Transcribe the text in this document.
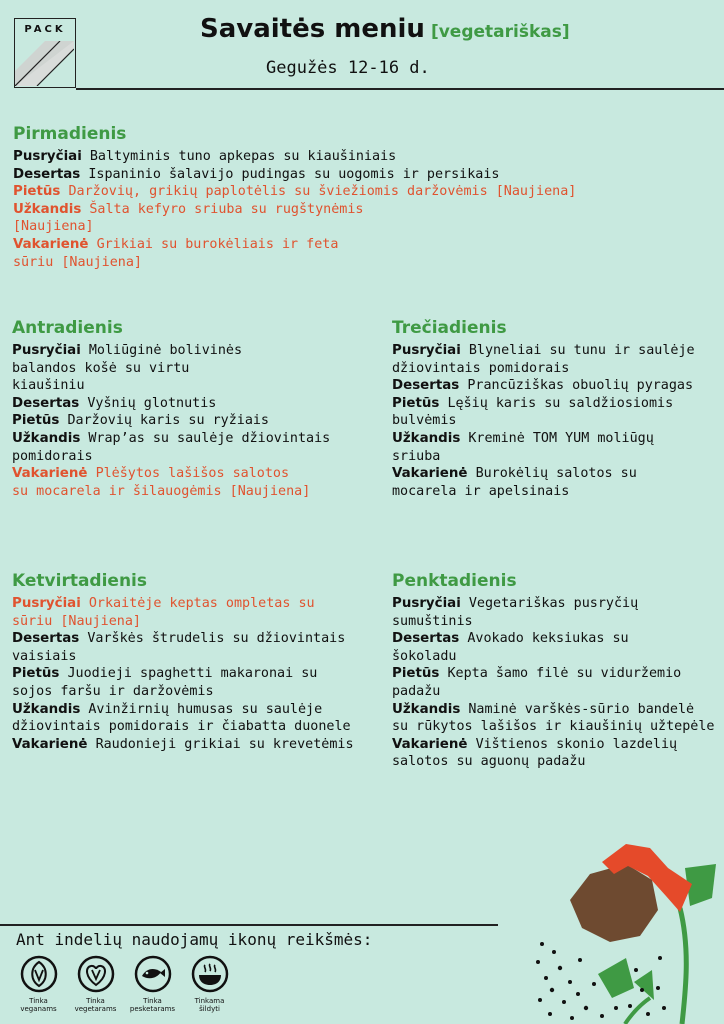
PACK	Savaitės meniu [vegetariškas]
Gegužės 12-16 d.
Pirmadienis
Pusryčiai Baltyminis tuno apkepas su kiaušiniais
Desertas Ispaninio šalavijo pudingas su uogomis ir persikais
Pietūs Daržovių, grikių paplotėlis su šviežiomis daržovėmis [Naujiena]
Užkandis Šalta kefyro sriuba su rugštynėmis [Naujiena]
Vakarienė Grikiai su burokėliais ir feta sūriu [Naujiena]
Antradienis
Pusryčiai Moliūginė bolivinės balandos košė su virtu kiaušiniu
Desertas Vyšnių glotnutis
Pietūs Daržovių karis su ryžiais
Užkandis Wrap’as su saulėje džiovintais pomidorais
Vakarienė Plėšytos lašišos salotos su mocarela ir šilauogėmis [Naujiena]
Trečiadienis
Pusryčiai Blyneliai su tunu ir saulėje džiovintais pomidorais
Desertas Prancūziškas obuolių pyragas
Pietūs Lęšių karis su saldžiosiomis bulvėmis
Užkandis Kreminė TOM YUM moliūgų sriuba
Vakarienė Burokėlių salotos su mocarela ir apelsinais
Ketvirtadienis
Pusryčiai Orkaitėje keptas ompletas su sūriu [Naujiena]
Desertas Varškės štrudelis su džiovintais vaisiais
Pietūs Juodieji spaghetti makaronai su sojos faršu ir daržovėmis
Užkandis Avinžirnių humusas su saulėje džiovintais pomidorais ir čiabatta duonele
Vakarienė Raudonieji grikiai su krevetėmis
Penktadienis
Pusryčiai Vegetariškas pusryčių sumuštinis
Desertas Avokado keksiukas su šokoladu
Pietūs Kepta šamo filė su viduržemio padažu
Užkandis Naminė varškės-sūrio bandelė su rūkytos lašišos ir kiaušinių užtepėle
Vakarienė Vištienos skonio lazdelių salotos su aguonų padažu
Ant indelių naudojamų ikonų reikšmės:
Tinka
veganams
Tinka
vegetarams
Tinka
pesketarams
Tinkama
šildyti
